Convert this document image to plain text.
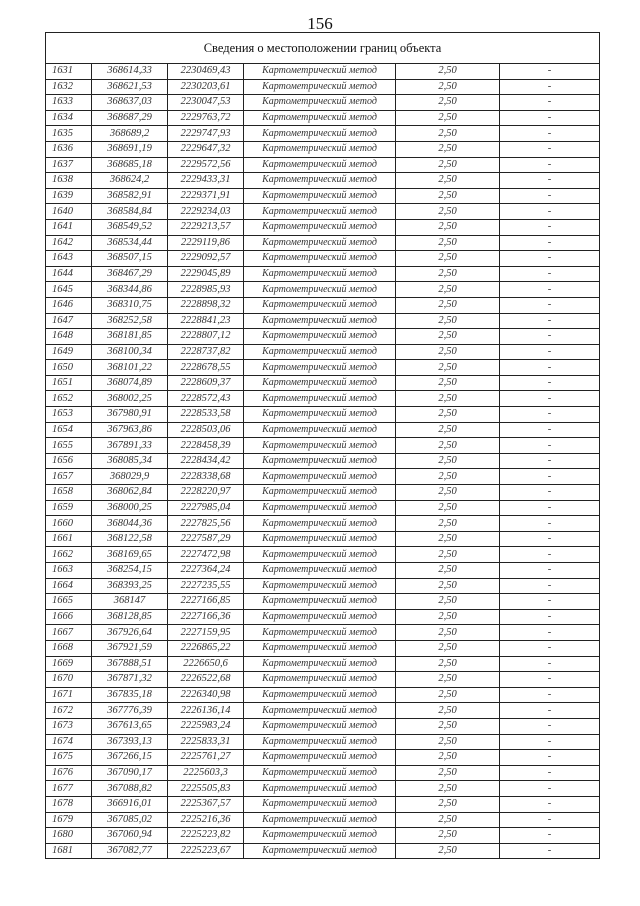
156
Сведения о местоположении границ объекта					
1631	368614,33	2230469,43	Картометрический метод	2,50	-
1632	368621,53	2230203,61	Картометрический метод	2,50	-
1633	368637,03	2230047,53	Картометрический метод	2,50	-
1634	368687,29	2229763,72	Картометрический метод	2,50	-
1635	368689,2	2229747,93	Картометрический метод	2,50	-
1636	368691,19	2229647,32	Картометрический метод	2,50	-
1637	368685,18	2229572,56	Картометрический метод	2,50	-
1638	368624,2	2229433,31	Картометрический метод	2,50	-
1639	368582,91	2229371,91	Картометрический метод	2,50	-
1640	368584,84	2229234,03	Картометрический метод	2,50	-
1641	368549,52	2229213,57	Картометрический метод	2,50	-
1642	368534,44	2229119,86	Картометрический метод	2,50	-
1643	368507,15	2229092,57	Картометрический метод	2,50	-
1644	368467,29	2229045,89	Картометрический метод	2,50	-
1645	368344,86	2228985,93	Картометрический метод	2,50	-
1646	368310,75	2228898,32	Картометрический метод	2,50	-
1647	368252,58	2228841,23	Картометрический метод	2,50	-
1648	368181,85	2228807,12	Картометрический метод	2,50	-
1649	368100,34	2228737,82	Картометрический метод	2,50	-
1650	368101,22	2228678,55	Картометрический метод	2,50	-
1651	368074,89	2228609,37	Картометрический метод	2,50	-
1652	368002,25	2228572,43	Картометрический метод	2,50	-
1653	367980,91	2228533,58	Картометрический метод	2,50	-
1654	367963,86	2228503,06	Картометрический метод	2,50	-
1655	367891,33	2228458,39	Картометрический метод	2,50	-
1656	368085,34	2228434,42	Картометрический метод	2,50	-
1657	368029,9	2228338,68	Картометрический метод	2,50	-
1658	368062,84	2228220,97	Картометрический метод	2,50	-
1659	368000,25	2227985,04	Картометрический метод	2,50	-
1660	368044,36	2227825,56	Картометрический метод	2,50	-
1661	368122,58	2227587,29	Картометрический метод	2,50	-
1662	368169,65	2227472,98	Картометрический метод	2,50	-
1663	368254,15	2227364,24	Картометрический метод	2,50	-
1664	368393,25	2227235,55	Картометрический метод	2,50	-
1665	368147	2227166,85	Картометрический метод	2,50	-
1666	368128,85	2227166,36	Картометрический метод	2,50	-
1667	367926,64	2227159,95	Картометрический метод	2,50	-
1668	367921,59	2226865,22	Картометрический метод	2,50	-
1669	367888,51	2226650,6	Картометрический метод	2,50	-
1670	367871,32	2226522,68	Картометрический метод	2,50	-
1671	367835,18	2226340,98	Картометрический метод	2,50	-
1672	367776,39	2226136,14	Картометрический метод	2,50	-
1673	367613,65	2225983,24	Картометрический метод	2,50	-
1674	367393,13	2225833,31	Картометрический метод	2,50	-
1675	367266,15	2225761,27	Картометрический метод	2,50	-
1676	367090,17	2225603,3	Картометрический метод	2,50	-
1677	367088,82	2225505,83	Картометрический метод	2,50	-
1678	366916,01	2225367,57	Картометрический метод	2,50	-
1679	367085,02	2225216,36	Картометрический метод	2,50	-
1680	367060,94	2225223,82	Картометрический метод	2,50	-
1681	367082,77	2225223,67	Картометрический метод	2,50	-
